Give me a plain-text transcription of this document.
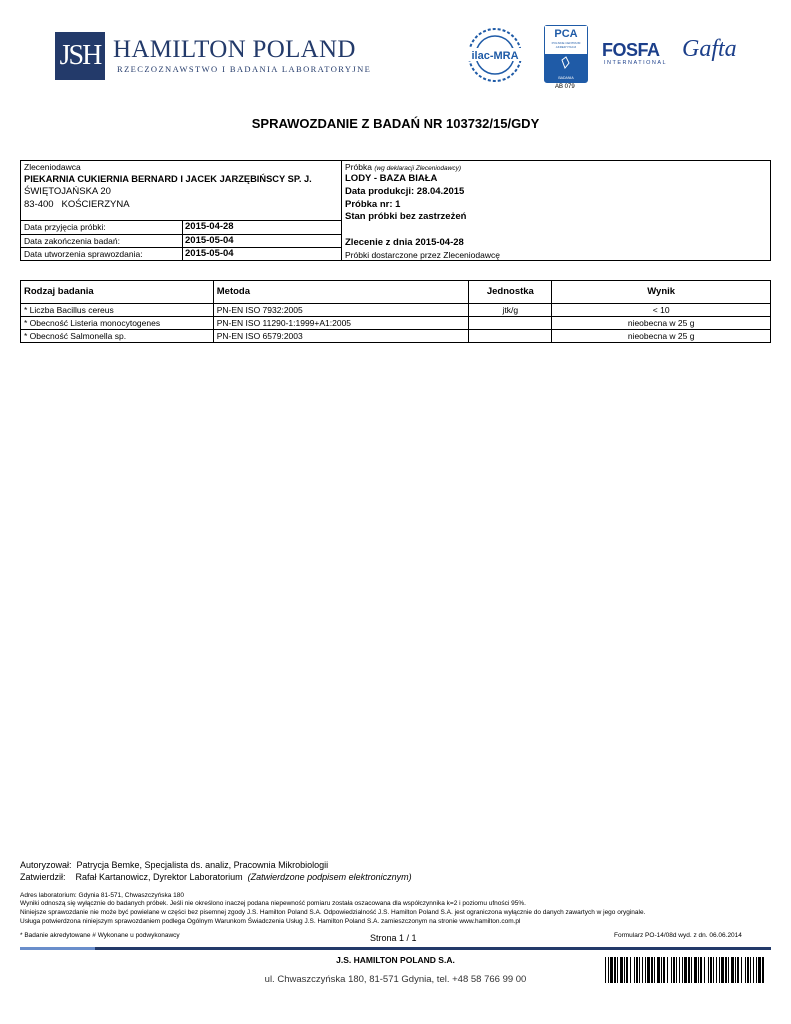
JSH HAMILTON POLAND
RZECZOZNAWSTWO I BADANIA LABORATORYJNE
ilac-MRA
PCA
POLSKIE CENTRUM AKREDYTACJI
BADANIA
AB 079
FOSFA
INTERNATIONAL
Gafta
SPRAWOZDANIE Z BADAŃ NR 103732/15/GDY
Zleceniodawca
PIEKARNIA CUKIERNIA BERNARD I JACEK JARZĘBIŃSCY SP. J.
ŚWIĘTOJAŃSKA 20
83-400   KOŚCIERZYNA
Data przyjęcia próbki:	2015-04-28
Data zakończenia badań:	2015-05-04
Data utworzenia sprawozdania:	2015-05-04
Próbka (wg deklaracji Zleceniodawcy)
LODY - BAZA BIAŁA
Data produkcji: 28.04.2015
Próbka nr: 1
Stan próbki bez zastrzeżeń
Zlecenie z dnia 2015-04-28
Próbki dostarczone przez Zleceniodawcę
Rodzaj badania	Metoda	Jednostka	Wynik
* Liczba Bacillus cereus	PN-EN ISO 7932:2005	jtk/g	< 10
* Obecność Listeria monocytogenes	PN-EN ISO 11290-1:1999+A1:2005		nieobecna w 25 g
* Obecność Salmonella sp.	PN-EN ISO 6579:2003		nieobecna w 25 g
Autoryzował:  Patrycja Bemke, Specjalista ds. analiz, Pracownia Mikrobiologii
Zatwierdził:    Rafał Kartanowicz, Dyrektor Laboratorium (Zatwierdzone podpisem elektronicznym)
Adres laboratorium: Gdynia 81-571, Chwaszczyńska 180
Wyniki odnoszą się wyłącznie do badanych próbek. Jeśli nie określono inaczej podana niepewność pomiaru została oszacowana dla współczynnika k=2 i poziomu ufności 95%.
Niniejsze sprawozdanie nie może być powielane w części bez pisemnej zgody J.S. Hamilton Poland S.A. Odpowiedzialność J.S. Hamilton Poland S.A. jest ograniczona wyłącznie do danych zawartych w jego oryginale.
Usługa potwierdzona niniejszym sprawozdaniem podlega Ogólnym Warunkom Świadczenia Usług J.S. Hamilton Poland S.A. zamieszczonym na stronie www.hamilton.com.pl
* Badanie akredytowane # Wykonane u podwykonawcy	Strona 1 / 1	Formularz PO-14/08d wyd. z dn. 06.06.2014
J.S. HAMILTON POLAND S.A.
ul. Chwaszczyńska 180, 81-571 Gdynia, tel. +48 58 766 99 00
